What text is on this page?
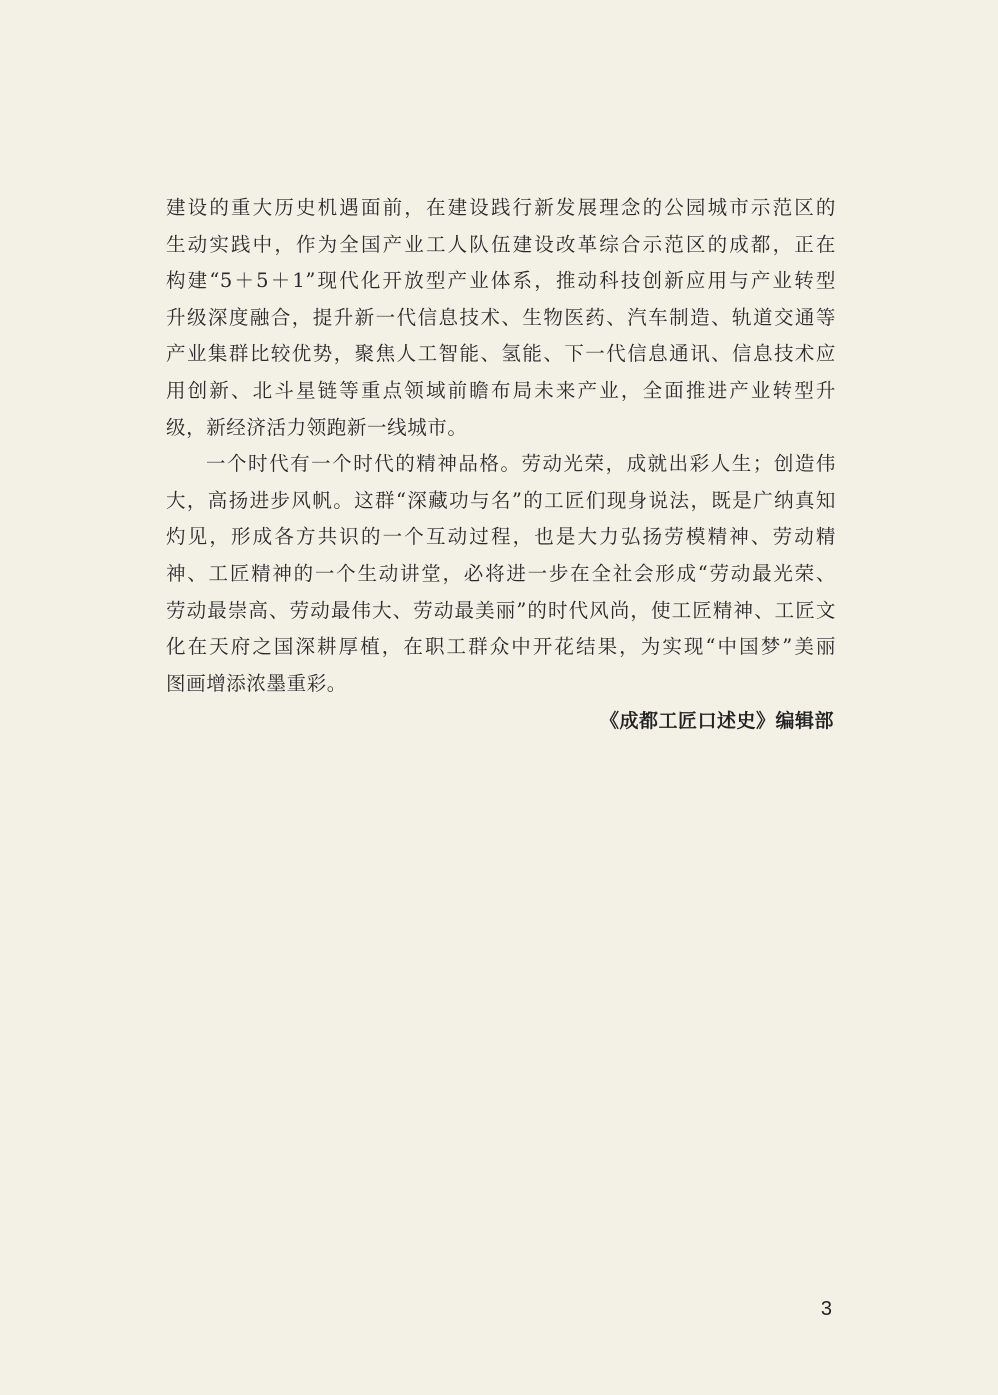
建设的重大历史机遇面前，在建设践行新发展理念的公园城市示范区的
生动实践中，作为全国产业工人队伍建设改革综合示范区的成都，正在
构建“5＋5＋1”现代化开放型产业体系，推动科技创新应用与产业转型
升级深度融合，提升新一代信息技术、生物医药、汽车制造、轨道交通等
产业集群比较优势，聚焦人工智能、氢能、下一代信息通讯、信息技术应
用创新、北斗星链等重点领域前瞻布局未来产业，全面推进产业转型升
级，新经济活力领跑新一线城市。
一个时代有一个时代的精神品格。劳动光荣，成就出彩人生；创造伟
大，高扬进步风帆。这群“深藏功与名”的工匠们现身说法，既是广纳真知
灼见，形成各方共识的一个互动过程，也是大力弘扬劳模精神、劳动精
神、工匠精神的一个生动讲堂，必将进一步在全社会形成“劳动最光荣、
劳动最崇高、劳动最伟大、劳动最美丽”的时代风尚，使工匠精神、工匠文
化在天府之国深耕厚植，在职工群众中开花结果，为实现“中国梦”美丽
图画增添浓墨重彩。
《成都工匠口述史》编辑部
3
